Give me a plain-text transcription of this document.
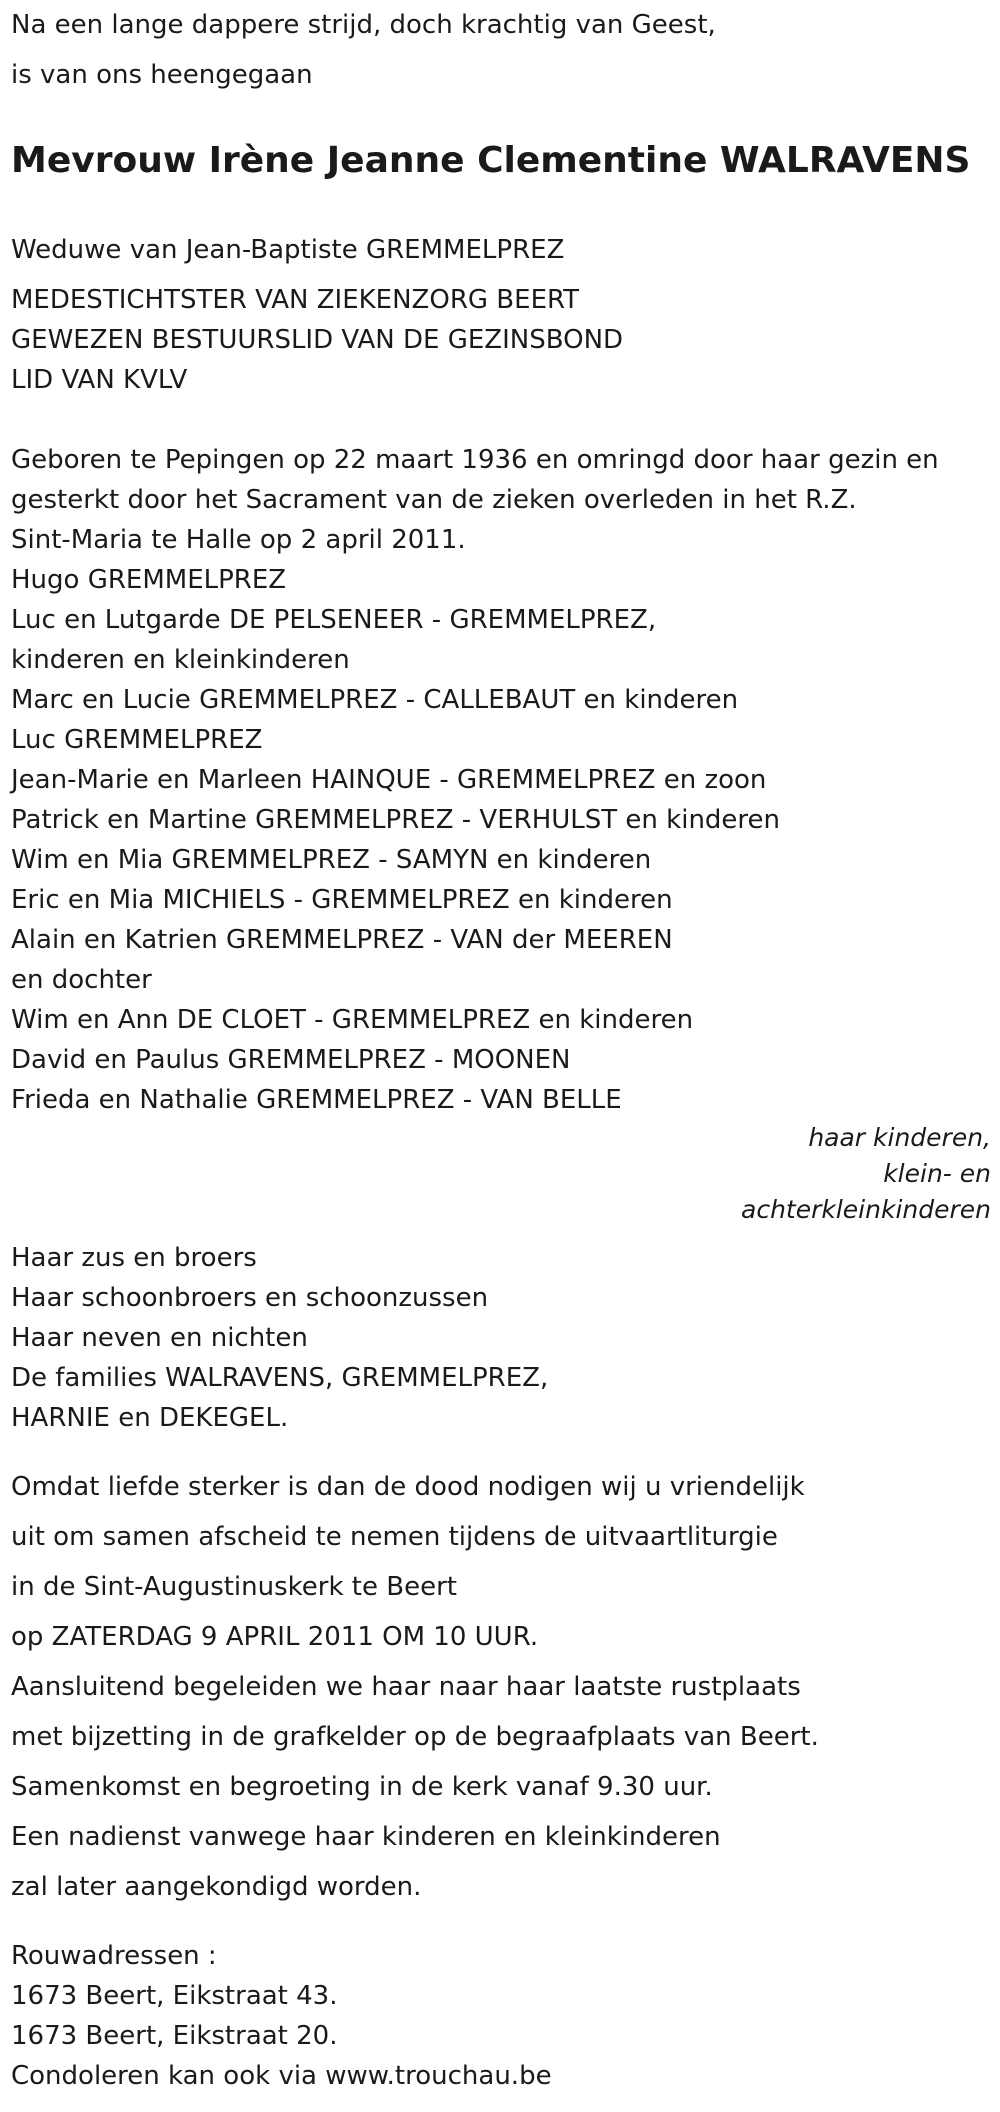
Na een lange dappere strijd, doch krachtig van Geest,
is van ons heengegaan
Mevrouw Irène Jeanne Clementine WALRAVENS
Weduwe van Jean-Baptiste GREMMELPREZ
MEDESTICHTSTER VAN ZIEKENZORG BEERT
GEWEZEN BESTUURSLID VAN DE GEZINSBOND
LID VAN KVLV
Geboren te Pepingen op 22 maart 1936 en omringd door haar gezin en
gesterkt door het Sacrament van de zieken overleden in het R.Z.
Sint-Maria te Halle op 2 april 2011.
Hugo GREMMELPREZ
Luc en Lutgarde DE PELSENEER - GREMMELPREZ,
kinderen en kleinkinderen
Marc en Lucie GREMMELPREZ - CALLEBAUT en kinderen
Luc GREMMELPREZ
Jean-Marie en Marleen HAINQUE - GREMMELPREZ en zoon
Patrick en Martine GREMMELPREZ - VERHULST en kinderen
Wim en Mia GREMMELPREZ - SAMYN en kinderen
Eric en Mia MICHIELS - GREMMELPREZ en kinderen
Alain en Katrien GREMMELPREZ - VAN der MEEREN
en dochter
Wim en Ann DE CLOET - GREMMELPREZ en kinderen
David en Paulus GREMMELPREZ - MOONEN
Frieda en Nathalie GREMMELPREZ - VAN BELLE
haar kinderen,
klein- en
achterkleinkinderen
Haar zus en broers
Haar schoonbroers en schoonzussen
Haar neven en nichten
De families WALRAVENS, GREMMELPREZ,
HARNIE en DEKEGEL.
Omdat liefde sterker is dan de dood nodigen wij u vriendelijk
uit om samen afscheid te nemen tijdens de uitvaartliturgie
in de Sint-Augustinuskerk te Beert
op ZATERDAG 9 APRIL 2011 OM 10 UUR.
Aansluitend begeleiden we haar naar haar laatste rustplaats
met bijzetting in de grafkelder op de begraafplaats van Beert.
Samenkomst en begroeting in de kerk vanaf 9.30 uur.
Een nadienst vanwege haar kinderen en kleinkinderen
zal later aangekondigd worden.
Rouwadressen :
1673 Beert, Eikstraat 43.
1673 Beert, Eikstraat 20.
Condoleren kan ook via www.trouchau.be
